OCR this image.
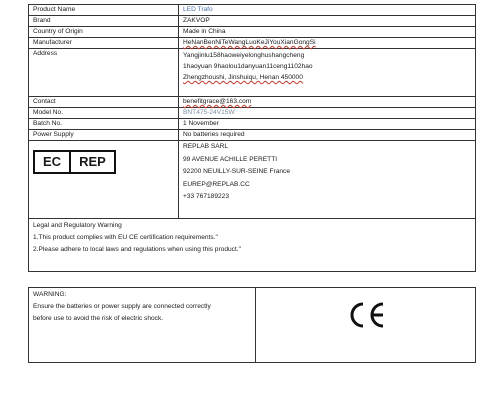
Product Name	LED Trafo
Brand	ZAKVOP
Country of Origin	Made in China
Manufacturer	HeNanBenNiTeWangLuoKeJiYouXianGongSi
Address	Yangjinlu158haoweiyelonghushangcheng
1haoyuan 9haolou1danyuan11ceng1102hao
Zhengzhoushi, Jinshuiqu, Henan 450000

Contact	benefitgrace@163.com
Model No.	BNT475-24V15W
Batch No.	1 November
Power Supply	No batteries required

EC REP	REPLAB SARL
99 AVENUE ACHILLE PERETTI
92200 NEUILLY-SUR-SEINE France
EUREP@REPLAB.CC
+33 767189223
Legal and Regulatory Warning
1.This product complies with EU CE certification requirements."
2.Please adhere to local laws and regulations when using this product."
WARNING:
Ensure the batteries or power supply are connected correctly
before use to avoid the risk of electric shock.
